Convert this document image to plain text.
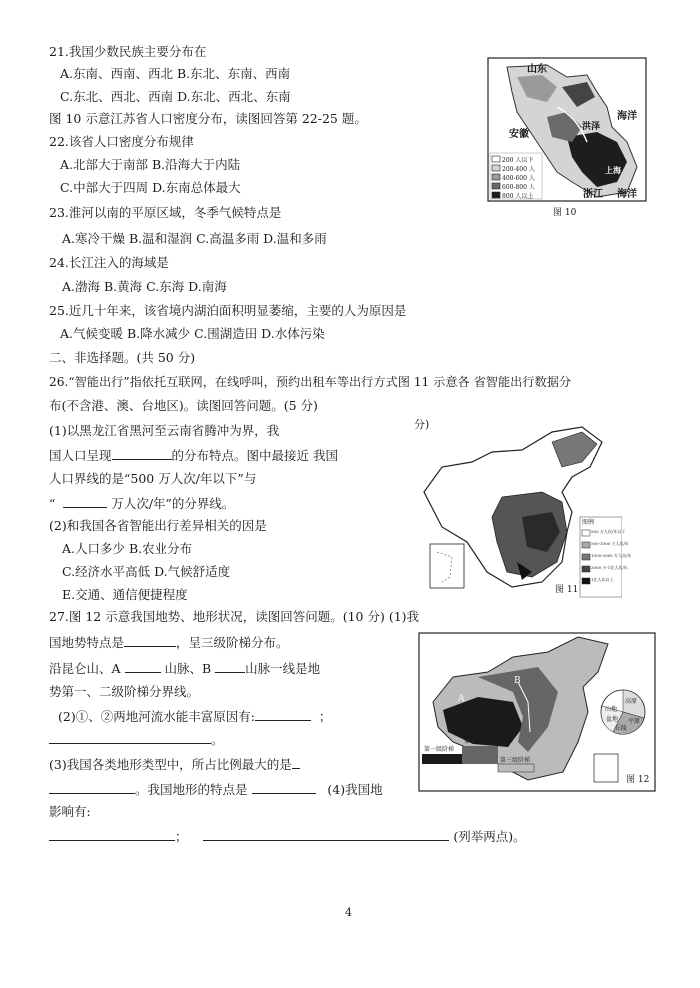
21.我国少数民族主要分布在
A.东南、西南、西北 B.东北、东南、西南
C.东北、西北、西南 D.东北、西北、东南
图 10 示意江苏省人口密度分布，读图回答第 22-25 题。
22.该省人口密度分布规律
A.北部大于南部 B.沿海大于内陆
C.中部大于四周 D.东南总体最大
23.淮河以南的平原区域，冬季气候特点是
A.寒冷干燥 B.温和湿润 C.高温多雨 D.温和多雨
24.长江注入的海域是
A.渤海 B.黄海 C.东海 D.南海
25.近几十年来，该省境内湖泊面积明显萎缩，主要的人为原因是
A.气候变暖 B.降水减少 C.围湖造田 D.水体污染
二、非选择题。(共 50 分)
26.“智能出行”指依托互联网，在线呼叫，预约出租车等出行方式图 11 示意各 省智能出行数据分
布(不含港、澳、台地区)。读图回答问题。(5 分)
(1)以黑龙江省黑河至云南省腾冲为界，我
国人口呈现	的分布特点。图中最接近 我国
人口界线的是“500 万人次/年以下”与
“	万人次/年”的分界线。
(2)和我国各省智能出行差异相关的因是
A.人口多少 B.农业分布
C.经济水平高低 D.气候舒适度
E.交通、通信便捷程度
27.图 12 示意我国地势、地形状况，读图回答问题。(10 分) (1)我
国地势特点是	，呈三级阶梯分布。
沿昆仑山、A	山脉、B	山脉一线是地
势第一、二级阶梯分界线。
(2)①、②两地河流水能丰富原因有:	；
。
(3)我国各类地形类型中，所占比例最大的是
。我国地形的特点是	(4)我国地
影响有:
；	(列举两点)。
4
山东
洪泽
海洋
安徽
上海
浙江 海洋
200 人以下
200-400 人
400-600 人
600-800 人
800 人以上
图 10
分)
图例
500 万人次/年以下
500-1000 万人次/年
1000-3000 万人次/年
3000 万-1亿人次/年
1亿人次以上
图 11
A
B
第一级阶梯
第二级阶梯
第三级阶梯
山地
高原
平原
丘陵
盆地
图 12
